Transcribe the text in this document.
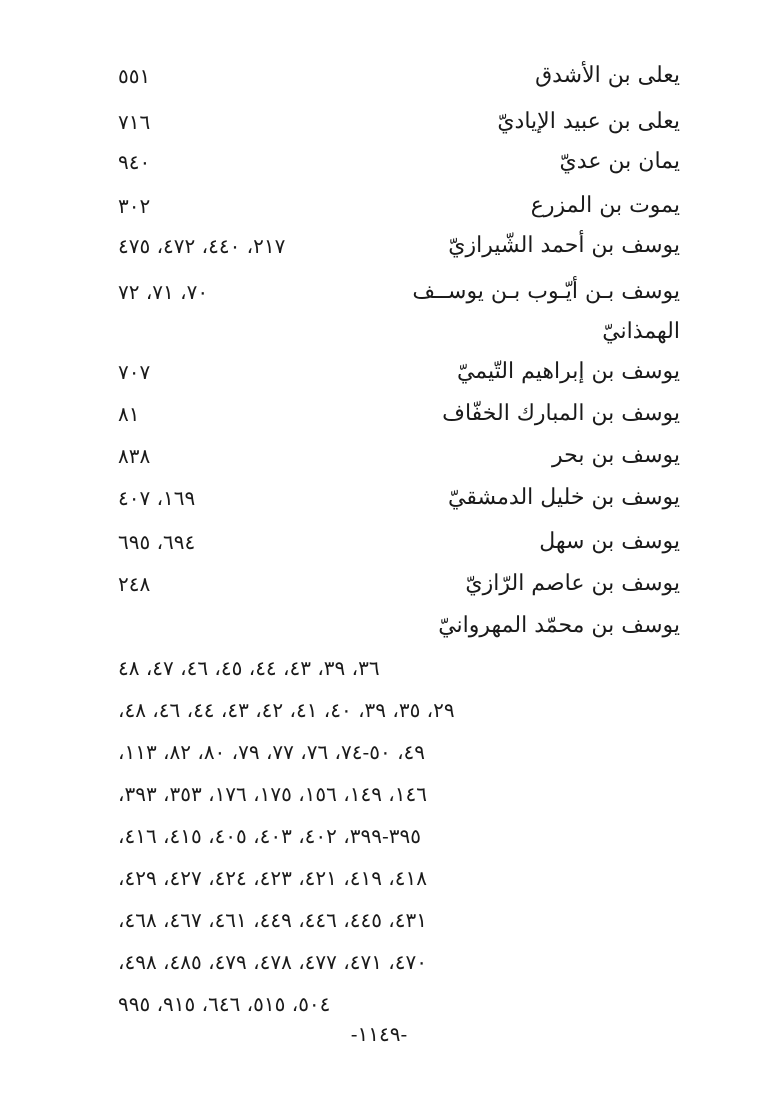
يعلى بن الأشدق
٥٥١
يعلى بن عبيد الإياديّ
٧١٦
يمان بن عديّ
٩٤٠
يموت بن المزرع
٣٠٢
يوسف بن أحمد الشّيرازيّ
٢١٧، ٤٤٠، ٤٧٢، ٤٧٥
يوسف بـن أيّـوب بـن يوســف
الهمذانيّ
٧٠، ٧١، ٧٢
يوسف بن إبراهيم التّيميّ
٧٠٧
يوسف بن المبارك الخفّاف
٨١
يوسف بن بحر
٨٣٨
يوسف بن خليل الدمشقيّ
١٦٩، ٤٠٧
يوسف بن سهل
٦٩٤، ٦٩٥
يوسف بن عاصم الرّازيّ
٢٤٨
يوسف بن محمّد المهروانيّ
٣٦، ٣٩، ٤٣، ٤٤، ٤٥، ٤٦، ٤٧، ٤٨
٢٩، ٣٥، ٣٩، ٤٠، ٤١، ٤٢، ٤٣، ٤٤، ٤٦، ٤٨،
٤٩، ٥٠-٧٤، ٧٦، ٧٧، ٧٩، ٨٠، ٨٢، ١١٣،
١٤٦، ١٤٩، ١٥٦، ١٧٥، ١٧٦، ٣٥٣، ٣٩٣،
٣٩٥-٣٩٩، ٤٠٢، ٤٠٣، ٤٠٥، ٤١٥، ٤١٦،
٤١٨، ٤١٩، ٤٢١، ٤٢٣، ٤٢٤، ٤٢٧، ٤٢٩،
٤٣١، ٤٤٥، ٤٤٦، ٤٤٩، ٤٦١، ٤٦٧، ٤٦٨،
٤٧٠، ٤٧١، ٤٧٧، ٤٧٨، ٤٧٩، ٤٨٥، ٤٩٨،
٥٠٤، ٥١٥، ٦٤٦، ٩١٥، ٩٩٥
-١١٤٩-
